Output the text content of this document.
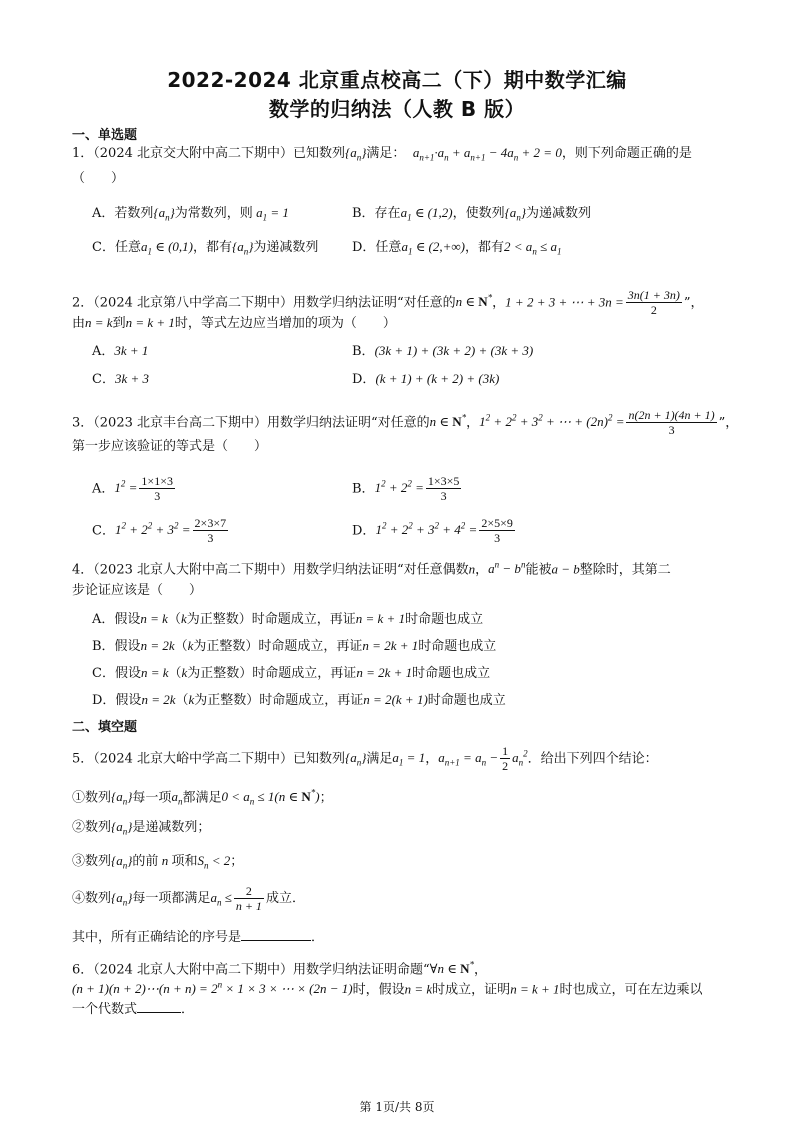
2022-2024 北京重点校高二（下）期中数学汇编
数学的归纳法（人教 B 版）
一、单选题
1．（2024 北京交大附中高二下期中）已知数列$\{a_n\}$满足：  $a_{n+1}\cdot a_n + a_{n+1} - 4a_n + 2 = 0$，则下列命题正确的是
（　　）
A．若数列$\{a_n\}$为常数列，则 $a_1 = 1$	B．存在$a_1$ ∈ (1,2)，使数列$\{a_n\}$为递减数列
C．任意$a_1$ ∈ (0,1)，都有$\{a_n\}$为递减数列	D．任意$a_1$ ∈ (2,+∞)，都有$2 < a_n \le a_1$
2．（2024 北京第八中学高二下期中）用数学归纳法证明“对任意的n ∈ N*，1 + 2 + 3 + ⋯ + $3n = \frac{3n(1 + 3n)}{2}$ ”，
由n = k到n = k + 1时，等式左边应当增加的项为（　　）
A．3k + 1	B．(3k + 1) + (3k + 2) + (3k + 3)
C．3k + 3	D．(k + 1) + (k + 2) + (3k)
3．（2023 北京丰台高二下期中）用数学归纳法证明“对任意的n ∈ N*，$1^2 + 2^2 + 3^2$ + ⋯ + $(2n)^2 = \frac{n(2n + 1)(4n + 1)}{3}$ ”，
第一步应该验证的等式是（　　）
A．$1^2 = \frac{1\times 1\times 3}{3}$	B．$1^2 + 2^2 = \frac{1\times 3\times 5}{3}$
C．$1^2 + 2^2 + 3^2 = \frac{2\times 3\times 7}{3}$	D．$1^2 + 2^2 + 3^2 + 4^2 = \frac{2\times 5\times 9}{3}$
4．（2023 北京人大附中高二下期中）用数学归纳法证明“对任意偶数n，$a^n - b^n$能被a − b整除时，其第二
步论证应该是（　　）
A．假设n = k（k为正整数）时命题成立，再证n = k + 1时命题也成立
B．假设n = 2k（k为正整数）时命题成立，再证n = 2k + 1时命题也成立
C．假设n = k（k为正整数）时命题成立，再证n = 2k + 1时命题也成立
D．假设n = 2k（k为正整数）时命题成立，再证n = 2(k + 1)时命题也成立
二、填空题
5．（2024 北京大峪中学高二下期中）已知数列$\{a_n\}$满足$a_1 = 1$，$a_{n+1} = a_n - \frac{1}{2} a_n^2$．给出下列四个结论：
①数列$\{a_n\}$每一项$a_n$都满足$0 < a_n \le 1(n$ ∈ N*)；
②数列$\{a_n\}$是递减数列；
③数列$\{a_n\}$的前 n 项和$S_n < 2$；
④数列$\{a_n\}$每一项都满足$a_n \le \frac{2}{n + 1}$ 成立．
其中，所有正确结论的序号是	．
6．（2024 北京人大附中高二下期中）用数学归纳法证明命题“∀n ∈ N*，
(n + 1)(n + 2)⋯(n + $n) = 2^n \times 1 \times 3$ × ⋯ × (2n − 1)时，假设n = k时成立，证明n = k + 1时也成立，可在左边乘以
一个代数式	．
第 1页/共 8页
